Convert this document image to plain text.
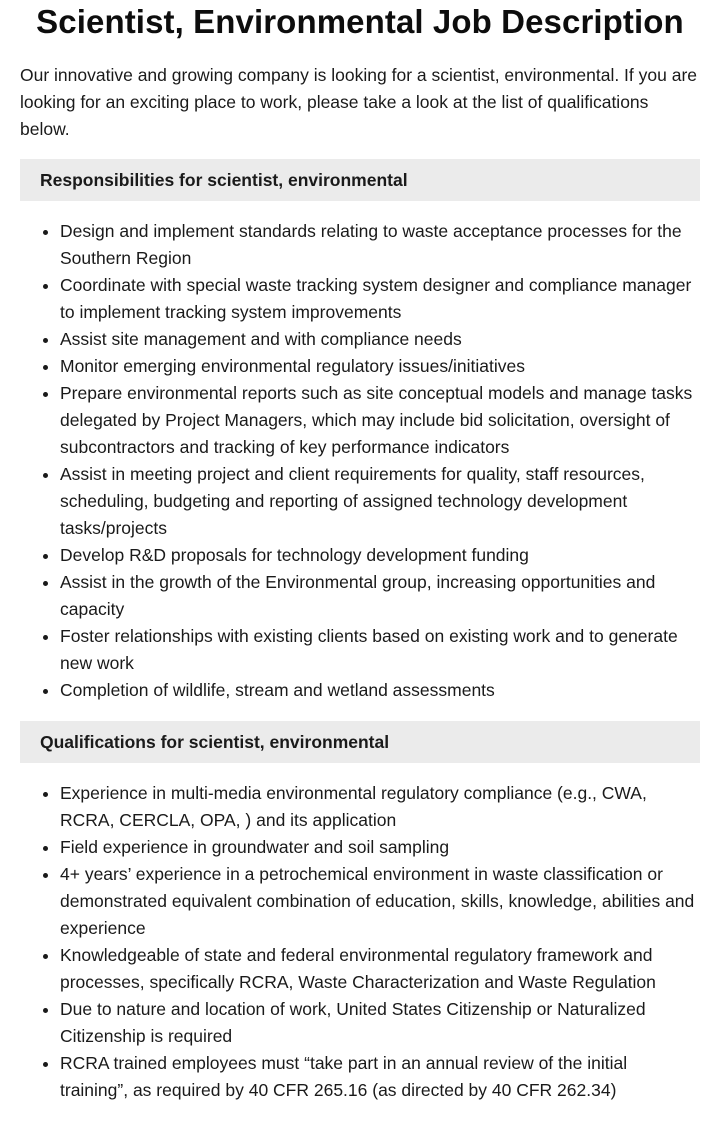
Scientist, Environmental Job Description

Our innovative and growing company is looking for a scientist, environmental. If you are looking for an exciting place to work, please take a look at the list of qualifications below.

Responsibilities for scientist, environmental
• Design and implement standards relating to waste acceptance processes for the Southern Region
• Coordinate with special waste tracking system designer and compliance manager to implement tracking system improvements
• Assist site management and with compliance needs
• Monitor emerging environmental regulatory issues/initiatives
• Prepare environmental reports such as site conceptual models and manage tasks delegated by Project Managers, which may include bid solicitation, oversight of subcontractors and tracking of key performance indicators
• Assist in meeting project and client requirements for quality, staff resources, scheduling, budgeting and reporting of assigned technology development tasks/projects
• Develop R&D proposals for technology development funding
• Assist in the growth of the Environmental group, increasing opportunities and capacity
• Foster relationships with existing clients based on existing work and to generate new work
• Completion of wildlife, stream and wetland assessments
Qualifications for scientist, environmental
• Experience in multi-media environmental regulatory compliance (e.g., CWA, RCRA, CERCLA, OPA, ) and its application
• Field experience in groundwater and soil sampling
• 4+ years’ experience in a petrochemical environment in waste classification or demonstrated equivalent combination of education, skills, knowledge, abilities and experience
• Knowledgeable of state and federal environmental regulatory framework and processes, specifically RCRA, Waste Characterization and Waste Regulation
• Due to nature and location of work, United States Citizenship or Naturalized Citizenship is required
• RCRA trained employees must “take part in an annual review of the initial training”, as required by 40 CFR 265.16 (as directed by 40 CFR 262.34)
